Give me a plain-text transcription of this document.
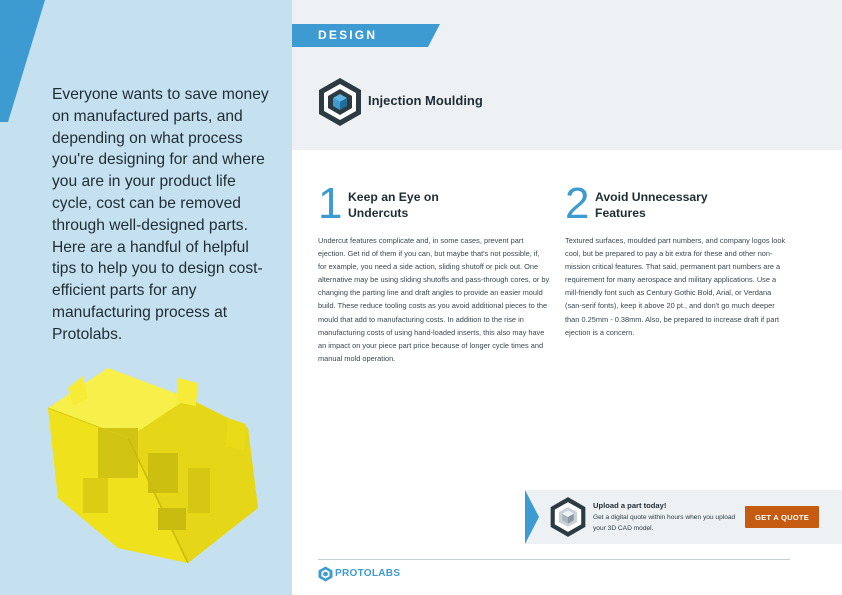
Everyone wants to save money on manufactured parts, and depending on what process you're designing for and where you are in your product life cycle, cost can be removed through well-designed parts. Here are a handful of helpful tips to help you to design cost-efficient parts for any manufacturing process at Protolabs.
DESIGN
Injection Moulding
1 Keep an Eye on Undercuts
Undercut features complicate and, in some cases, prevent part ejection. Get rid of them if you can, but maybe that's not possible, if, for example, you need a side action, sliding shutoff or pick out. One alternative may be using sliding shutoffs and pass-through cores, or by changing the parting line and draft angles to provide an easier mould build. These reduce tooling costs as you avoid additional pieces to the mould that add to manufacturing costs. In addition to the rise in manufacturing costs of using hand-loaded inserts, this also may have an impact on your piece part price because of longer cycle times and manual mold operation.
2 Avoid Unnecessary Features
Textured surfaces, moulded part numbers, and company logos look cool, but be prepared to pay a bit extra for these and other non-mission critical features. That said, permanent part numbers are a requirement for many aerospace and military applications. Use a mill-friendly font such as Century Gothic Bold, Arial, or Verdana (san-serif fonts), keep it above 20 pt., and don't go much deeper than 0.25mm - 0.38mm. Also, be prepared to increase draft if part ejection is a concern.
Upload a part today!
Get a digital quote within hours when you upload your 3D CAD model.
GET A QUOTE
PROTOLABS
